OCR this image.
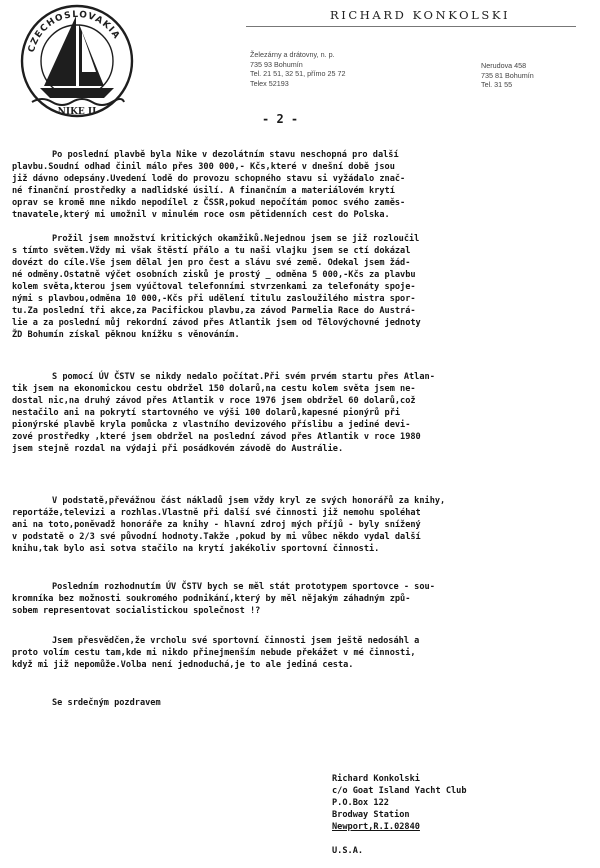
CZECHOSLOVAKIA
NIKE II
RICHARD KONKOLSKI
Železárny a drátovny, n. p.
735 93 Bohumín
Tel. 21 51, 32 51, přímo 25 72
Telex 52193
Nerudova 458
735 81 Bohumín
Tel. 31 55
- 2 -
Po poslední plavbě byla Nike v dezolátním stavu neschopná pro další
plavbu.Soudní odhad činil málo přes 300 000,- Kčs,které v dnešní době jsou
již dávno odepsány.Uvedení lodě do provozu schopného stavu si vyžádalo znač-
né finanční prostředky a nadlidské úsilí. A finančním a materiálovém krytí
oprav se kromě mne nikdo nepodílel z ČSSR,pokud nepočítám pomoc svého zaměs-
tnavatele,který mi umožnil v minulém roce osm pětidenních cest do Polska.
Prožil jsem množství kritických okamžiků.Nejednou jsem se již rozloučil
s tímto světem.Vždy mi však štěstí přálo a tu naši vlajku jsem se ctí dokázal
dovézt do cíle.Vše jsem dělal jen pro čest a slávu své země. Odekal jsem žád-
né odměny.Ostatně výčet osobních zisků je prostý _ odměna 5 000,-Kčs za plavbu
kolem světa,kterou jsem vyúčtoval telefonními stvrzenkami za telefonáty spoje-
nými s plavbou,odměna 10 000,-Kčs při udělení titulu zasloužilého mistra spor-
tu.Za poslední tři akce,za Pacifickou plavbu,za závod Parmelia Race do Austrá-
lie a za poslední můj rekordní závod přes Atlantik jsem od Tělovýchovné jednoty
ŽD Bohumín získal pěknou knížku s věnováním.
S pomocí ÚV ČSTV se nikdy nedalo počítat.Při svém prvém startu přes Atlan-
tik jsem na ekonomickou cestu obdržel 150 dolarů,na cestu kolem světa jsem ne-
dostal nic,na druhý závod přes Atlantik v roce 1976 jsem obdržel 60 dolarů,což
nestačilo ani na pokrytí startovného ve výši 100 dolarů,kapesné pionýrů při
pionýrské plavbě kryla pomůcka z vlastního devizového příslibu a jediné devi-
zové prostředky ,které jsem obdržel na poslední závod přes Atlantik v roce 1980
jsem stejně rozdal na výdaji při posádkovém závodě do Austrálie.
V podstatě,převážnou část nákladů jsem vždy kryl ze svých honorářů za knihy,
reportáže,televizi a rozhlas.Vlastně při další své činnosti již nemohu spoléhat
ani na toto,poněvadž honoráře za knihy - hlavní zdroj mých příjů - byly snížený
v podstatě o 2/3 své původní hodnoty.Takže ,pokud by mi vůbec někdo vydal další
knihu,tak bylo asi sotva stačilo na krytí jakékoliv sportovní činnosti.
Posledním rozhodnutím ÚV ČSTV bych se měl stát prototypem sportovce - sou-
kromníka bez možnosti soukromého podnikání,který by měl nějakým záhadným způ-
sobem representovat socialistickou společnost !?
Jsem přesvědčen,že vrcholu své sportovní činnosti jsem ještě nedosáhl a
proto volím cestu tam,kde mi nikdo přinejmenším nebude překážet v mé činnosti,
když mi již nepomůže.Volba není jednoduchá,je to ale jediná cesta.
Se srdečným pozdravem
Richard Konkolski
c/o Goat Island Yacht Club
P.O.Box 122
Brodway Station
Newport,R.I.02840
U.S.A.
